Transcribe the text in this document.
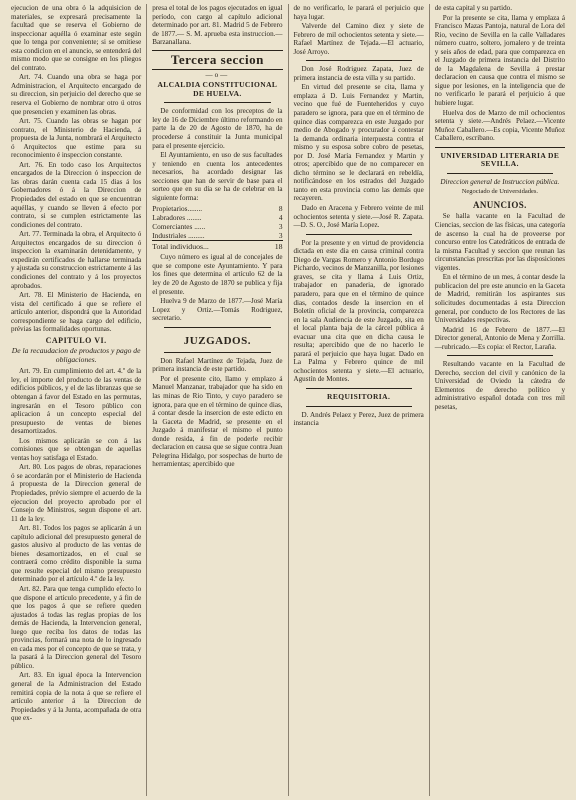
ejecucion de una obra ó la adquisicion de materiales, se expresará precisamente la facultad que se reserva el Gobierno de inspeccionar aquélla ó examinar este según que lo tenga por conveniente; si se omitiese esta condicion en el anuncio, se entenderá del mismo modo que se consigne en los pliegos del contrato.

Art. 74. Cuando una obra se haga por Administracion, el Arquitecto encargado de su direccion, sin perjuicio del derecho que se reserva el Gobierno de nombrar otro ú otros que presencien y examinen las obras.

Art. 75. Cuando las obras se hagan por contrato, el Ministerio de Hacienda, á propuesta de la Junta, nombrará el Arquitecto ó Arquitectos que estime para su reconocimiento é inspeccion constante.

Art. 76. En todo caso los Arquitectos encargados de la Direccion ó inspeccion de las obras darán cuenta cada 15 dias á los Gobernadores ó á la Direccion de Propiedades del estado en que se encuentran aquéllas, y cuando se lleven á efecto por contrato, si se cumplen estrictamente las condiciones del contrato.

Art. 77. Terminada la obra, el Arquitecto ó Arquitectos encargados de su direccion ó inspeccion la examinarán detenidamente, y expedirán certificados de hallarse terminada y ajustada su construccion estrictamente á las condiciones del contrato y á los proyectos aprobados.

Art. 78. El Ministerio de Hacienda, en vista del certificado á que se refiere el artículo anterior, dispondrá que la Autoridad correspondiente se haga cargo del edificio, prévias las formalidades oportunas.

CAPITULO VI.
De la recaudacion de productos y pago de obligaciones.

Art. 79. En cumplimiento del art. 4.º de la ley, el importe del producto de las ventas de edificios públicos, y el de las libranzas que se obtengan á favor del Estado en las permutas, ingresarán en el Tesoro público con aplicacion á un concepto especial del presupuesto de ventas de bienes desamortizados.

Los mismos aplicarán se con á las comisiones que se obtengan de aquellas ventas hoy satisfaga el Estado.

Art. 80. Los pagos de obras, reparaciones ó se acordarán por el Ministerio de Hacienda á propuesta de la Direccion general de Propiedades, prévio siempre el acuerdo de la ejecucion del proyecto aprobado por el Consejo de Ministros, segun dispone el art. 11 de la ley.

Art. 81. Todos los pagos se aplicarán á un capítulo adicional del presupuesto general de gastos alusivo al producto de las ventas de bienes desamortizados, en el cual se contraerá como crédito disponible la suma que resulte especial del mismo presupuesto determinado por el artículo 4.º de la ley.

Art. 82. Para que tenga cumplido efecto lo que dispone el artículo precedente, y á fin de que los pagos á que se refiere queden ajustados á todas las reglas propias de los demás de Hacienda, la Intervencion general, luego que reciba los datos de todas las provincias, formará una nota de lo ingresado en cada mes por el concepto de que se trata, y la pasará á la Direccion general del Tesoro público.

Art. 83. En igual época la Intervencion general de la Administracion del Estado remitirá copia de la nota á que se refiere el artículo anterior á la Direccion de Propiedades y á la Junta, acompañada de otra que ex-

presa el total de los pagos ejecutados en igual período, con cargo al capítulo adicional determinado por art. 81. Madrid 5 de Febrero de 1877.— S. M. aprueba esta instruccion.— Barzanallana.

Tercera seccion
—o—
ALCALDIA CONSTITUCIONAL DE HUELVA.

De conformidad con los preceptos de la ley de 16 de Diciembre último reformando en parte la de 20 de Agosto de 1870, ha de procederse á constituir la Junta municipal para el presente ejercicio.

El Ayuntamiento, en uso de sus facultades y teniendo en cuenta los antecedentes necesarios, ha acordado designar las secciones que han de servir de base para el sorteo que en su día se ha de celebrar en la siguiente forma:

Propietarios........	8
Labradores ........	4
Comerciantes ......	3
Industriales .........	3
Total individuos...	18

Cuyo número es igual al de concejales de que se compone este Ayuntamiento. Y para los fines que determina el artículo 62 de la ley de 20 de Agosto de 1870 se publica y fija el presente.

Huelva 9 de Marzo de 1877.—José María Lopez y Ortiz.—Tomás Rodriguez, secretario.

JUZGADOS.

Don Rafael Martínez de Tejada, Juez de primera instancia de este partido.

Por el presente cito, llamo y emplazo á Manuel Manzanar, trabajador que ha sido en las minas de Rio Tinto, y cuyo paradero se ignora, para que en el término de quince dias, á contar desde la insercion de este edicto en la Gaceta de Madrid, se presente en el Juzgado á manifestar el mismo el punto donde resida, á fin de poderle recibir declaracion en causa que se sigue contra Juan Pelegrina Hidalgo, por sospechas de hurto de herramientas; apercibido que

de no verificarlo, le parará el perjuicio que haya lugar.

Valverde del Camino diez y siete de Febrero de mil ochocientos setenta y siete.—Rafael Martínez de Tejada.—El actuario, José Arroyo.

Don José Rodriguez Zapata, Juez de primera instancia de esta villa y su partido.

En virtud del presente se cita, llama y emplaza á D. Luis Fernandez y Martin, vecino que fué de Fuenteheridos y cuyo paradero se ignora, para que en el término de quince dias comparezca en este Juzgado por medio de Abogado y procurador á contestar la demanda ordinaria interpuesta contra el mismo y su esposa sobre cobro de pesetas, por D. José María Fernandez y Martin y otros; apercibido que de no comparecer en dicho término se le declarará en rebeldía, notificándose en los estrados del Juzgado tanto en esta provincia como las demás que recayeren.

Dado en Aracena y Febrero veinte de mil ochocientos setenta y siete.—José R. Zapata.—D. S. O., José María Lopez.

Por la presente y en virtud de providencia dictada en este dia en causa criminal contra Diego de Vargas Romero y Antonio Bordugo Pichardo, vecinos de Manzanilla, por lesiones graves, se cita y llama á Luis Ortiz, trabajador en panaderia, de ignorado paradero, para que en el término de quince dias, contados desde la insercion en el Boletín oficial de la provincia, comparezca en la sala Audiencia de este Juzgado, sita en el local planta baja de la cárcel pública á evacuar una cita que en dicha causa le resulta; apercibido que de no hacerlo le parará el perjuicio que haya lugar. Dado en La Palma y Febrero quince de mil ochocientos setenta y siete.—El actuario, Agustín de Montes.

REQUISITORIA.

D. Andrés Pelaez y Perez, Juez de primera instancia

de esta capital y su partido.

Por la presente se cita, llama y emplaza á Francisco Mazas Pantoja, natural de Lora del Rio, vecino de Sevilla en la calle Valladares número cuatro, soltero, jornalero y de treinta y seis años de edad, para que comparezca en el Juzgado de primera instancia del Distrito de la Magdalena de Sevilla á prestar declaracion en causa que contra el mismo se sigue por lesiones, en la inteligencia que de no verificarlo le parará el perjuicio á que hubiere lugar.

Huelva dos de Marzo de mil ochocientos setenta y siete.—Andrés Pelaez.—Vicente Muñoz Caballero.—Es copia, Vicente Muñoz Caballero, escribano.

UNIVERSIDAD LITERARIA DE SEVILLA.
Direccion general de Instruccion pública.
Negociado de Universidades.
ANUNCIOS.

Se halla vacante en la Facultad de Ciencias, seccion de las físicas, una categoría de ascenso la cual ha de proveerse por concurso entre los Catedráticos de entrada de la misma Facultad y seccion que reunan las circunstancias prescritas por las disposiciones vigentes.

En el término de un mes, á contar desde la publicacion del pre este anuncio en la Gaceta de Madrid, remitirán los aspirantes sus solicitudes documentadas á esta Direccion general, por conducto de los Rectores de las Universidades respectivas.

Madrid 16 de Febrero de 1877.—El Director general, Antonio de Mena y Zorrilla.—rubricado.—Es copia: el Rector, Laraña.

Resultando vacante en la Facultad de Derecho, seccion del civil y canónico de la Universidad de Oviedo la cátedra de Elementos de derecho político y administrativo español dotada con tres mil pesetas,
